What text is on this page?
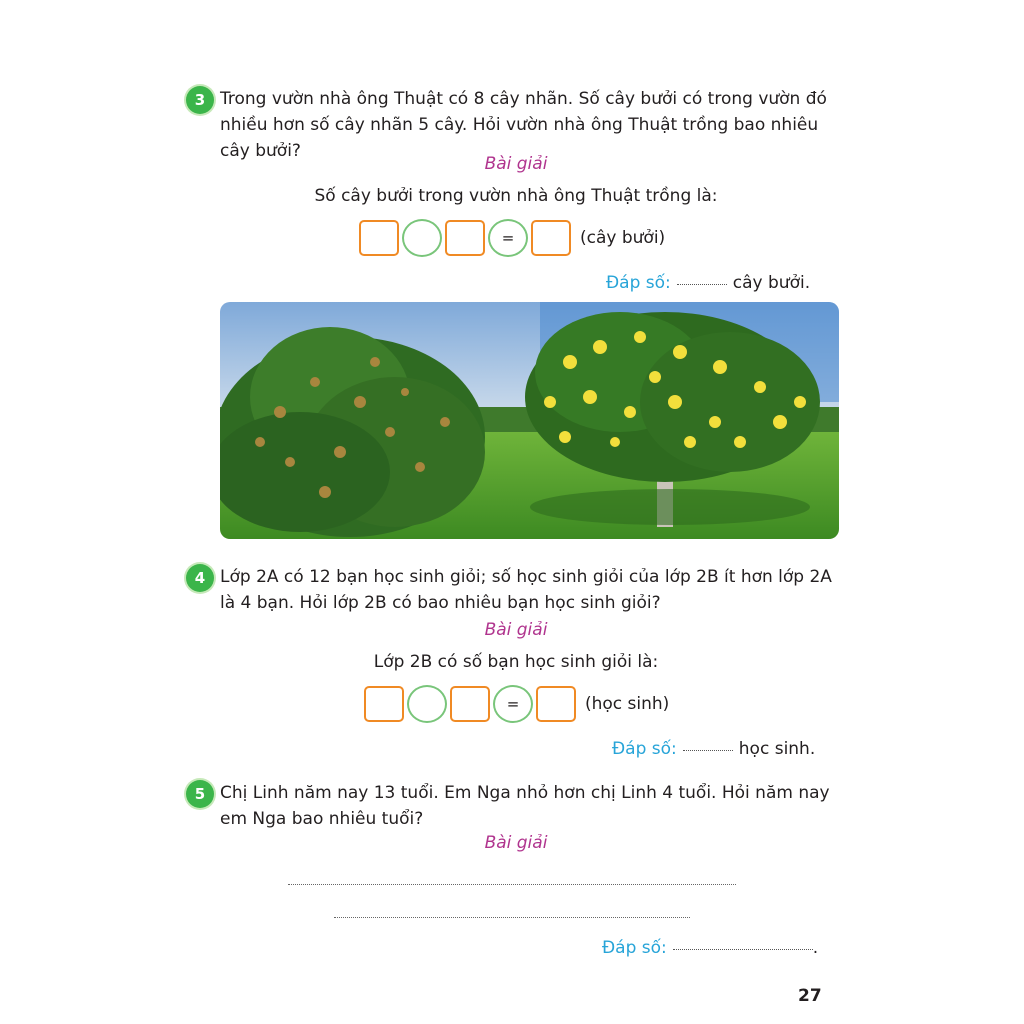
3 Trong vườn nhà ông Thuật có 8 cây nhãn. Số cây bưởi có trong vườn đó nhiều hơn số cây nhãn 5 cây. Hỏi vườn nhà ông Thuật trồng bao nhiêu cây bưởi?
Bài giải
Số cây bưởi trong vườn nhà ông Thuật trồng là:
=	(cây bưởi)
Đáp số:	cây bưởi.
4 Lớp 2A có 12 bạn học sinh giỏi; số học sinh giỏi của lớp 2B ít hơn lớp 2A là 4 bạn. Hỏi lớp 2B có bao nhiêu bạn học sinh giỏi?
Bài giải
Lớp 2B có số bạn học sinh giỏi là:
=	(học sinh)
Đáp số:	học sinh.
5 Chị Linh năm nay 13 tuổi. Em Nga nhỏ hơn chị Linh 4 tuổi. Hỏi năm nay em Nga bao nhiêu tuổi?
Bài giải
Đáp số:	.
27
